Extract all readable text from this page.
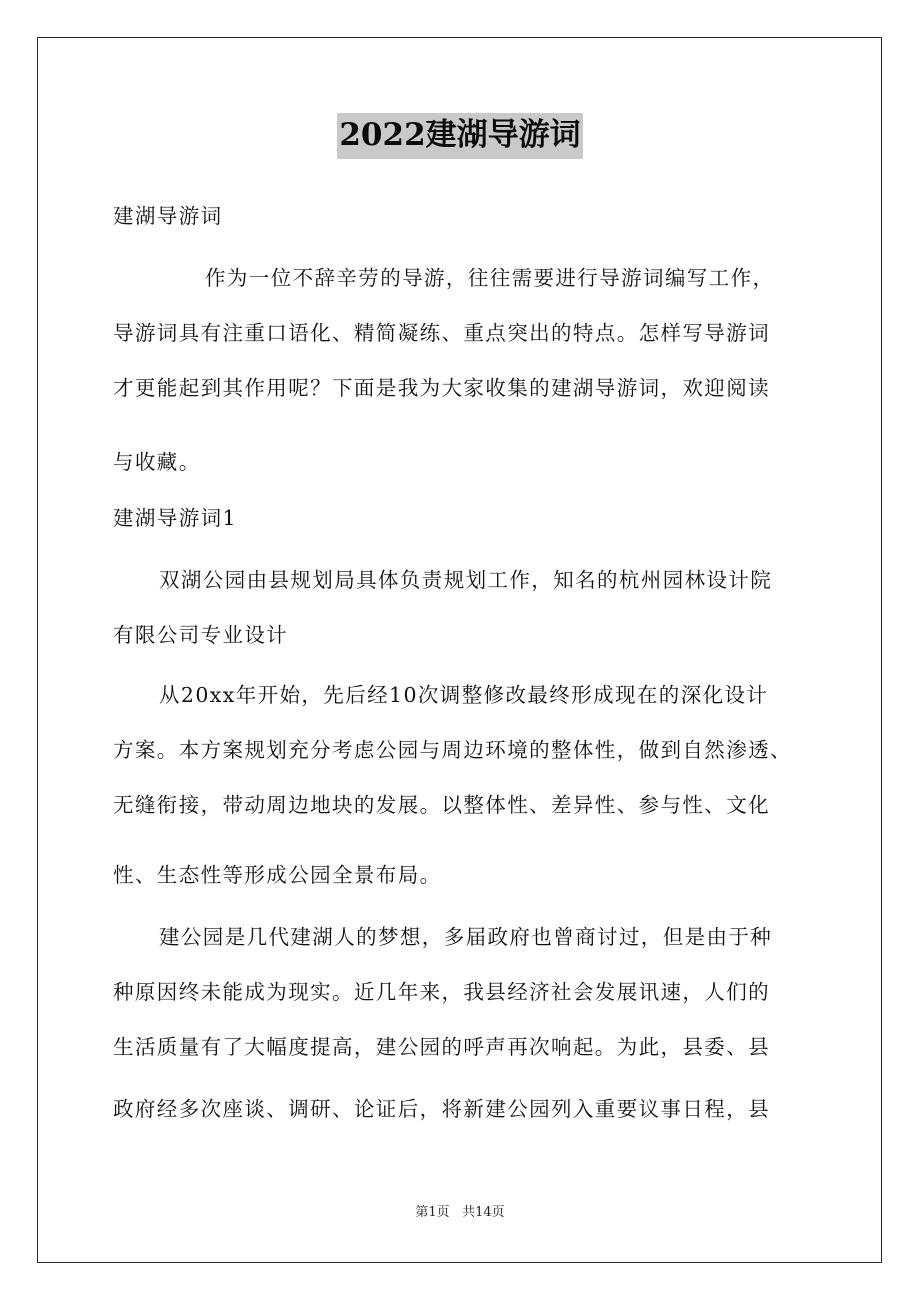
2022建湖导游词
建湖导游词
作为一位不辞辛劳的导游，往往需要进行导游词编写工作，
导游词具有注重口语化、精简凝练、重点突出的特点。怎样写导游词
才更能起到其作用呢？下面是我为大家收集的建湖导游词，欢迎阅读
与收藏。
建湖导游词1
双湖公园由县规划局具体负责规划工作，知名的杭州园林设计院
有限公司专业设计
从20xx年开始，先后经10次调整修改最终形成现在的深化设计
方案。本方案规划充分考虑公园与周边环境的整体性，做到自然渗透、
无缝衔接，带动周边地块的发展。以整体性、差异性、参与性、文化
性、生态性等形成公园全景布局。
建公园是几代建湖人的梦想，多届政府也曾商讨过，但是由于种
种原因终未能成为现实。近几年来，我县经济社会发展讯速，人们的
生活质量有了大幅度提高，建公园的呼声再次响起。为此，县委、县
政府经多次座谈、调研、论证后，将新建公园列入重要议事日程，县
第1页 共14页
